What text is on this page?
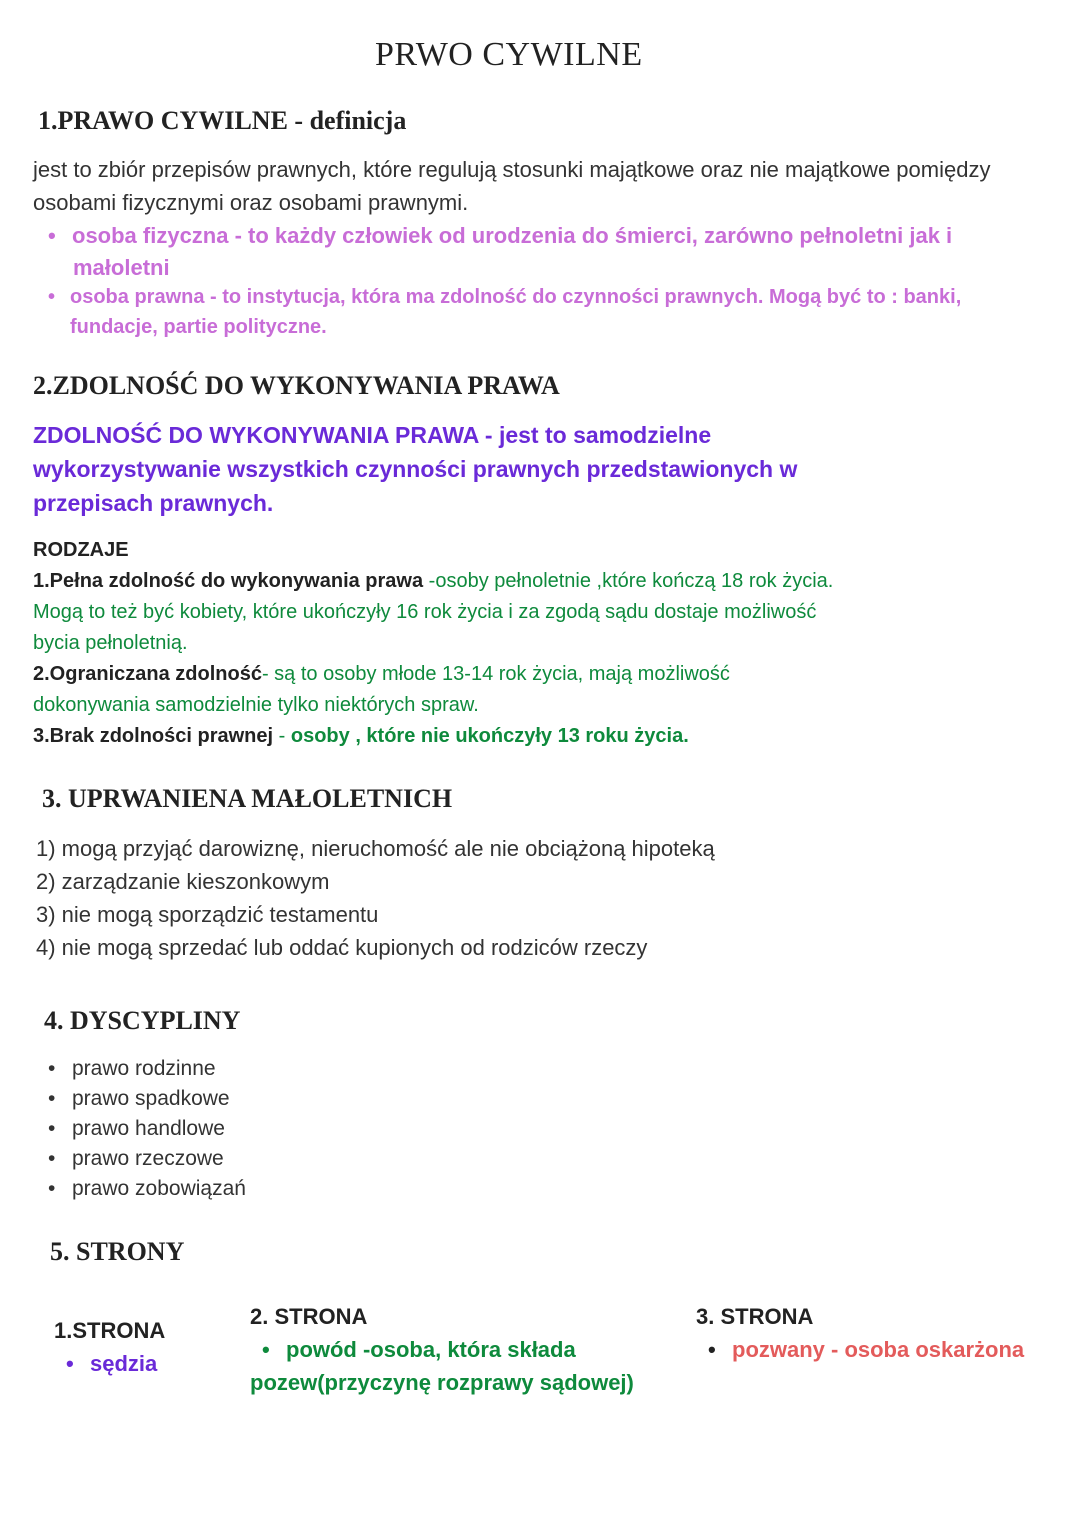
PRWO CYWILNE
1.PRAWO CYWILNE - definicja
jest to zbiór przepisów prawnych, które regulują stosunki majątkowe oraz nie majątkowe pomiędzy
osobami fizycznymi oraz osobami prawnymi.
• osoba fizyczna - to każdy człowiek od urodzenia do śmierci, zarówno pełnoletni jak i
małoletni
• osoba prawna - to instytucja, która ma zdolność do czynności prawnych. Mogą być to : banki,
fundacje, partie polityczne.
2.ZDOLNOŚĆ DO WYKONYWANIA PRAWA
ZDOLNOŚĆ DO WYKONYWANIA PRAWA - jest to samodzielne
wykorzystywanie wszystkich czynności prawnych przedstawionych w
przepisach prawnych.
RODZAJE
1.Pełna zdolność do wykonywania prawa -osoby pełnoletnie ,które kończą 18 rok życia.
Mogą to też być kobiety, które ukończyły 16 rok życia i za zgodą sądu dostaje możliwość
bycia pełnoletnią.
2.Ograniczana zdolność- są to osoby młode 13-14 rok życia, mają możliwość
dokonywania samodzielnie tylko niektórych spraw.
3.Brak zdolności prawnej - osoby , które nie ukończyły 13 roku życia.
3. UPRWANIENA MAŁOLETNICH
1) mogą przyjąć darowiznę, nieruchomość ale nie obciążoną hipoteką
2) zarządzanie kieszonkowym
3) nie mogą sporządzić testamentu
4) nie mogą sprzedać lub oddać kupionych od rodziców rzeczy
4. DYSCYPLINY
• prawo rodzinne
• prawo spadkowe
• prawo handlowe
• prawo rzeczowe
• prawo zobowiązań
5. STRONY
1.STRONA
• sędzia
2. STRONA
• powód -osoba, która składa
pozew(przyczynę rozprawy sądowej)
3. STRONA
• pozwany - osoba oskarżona
